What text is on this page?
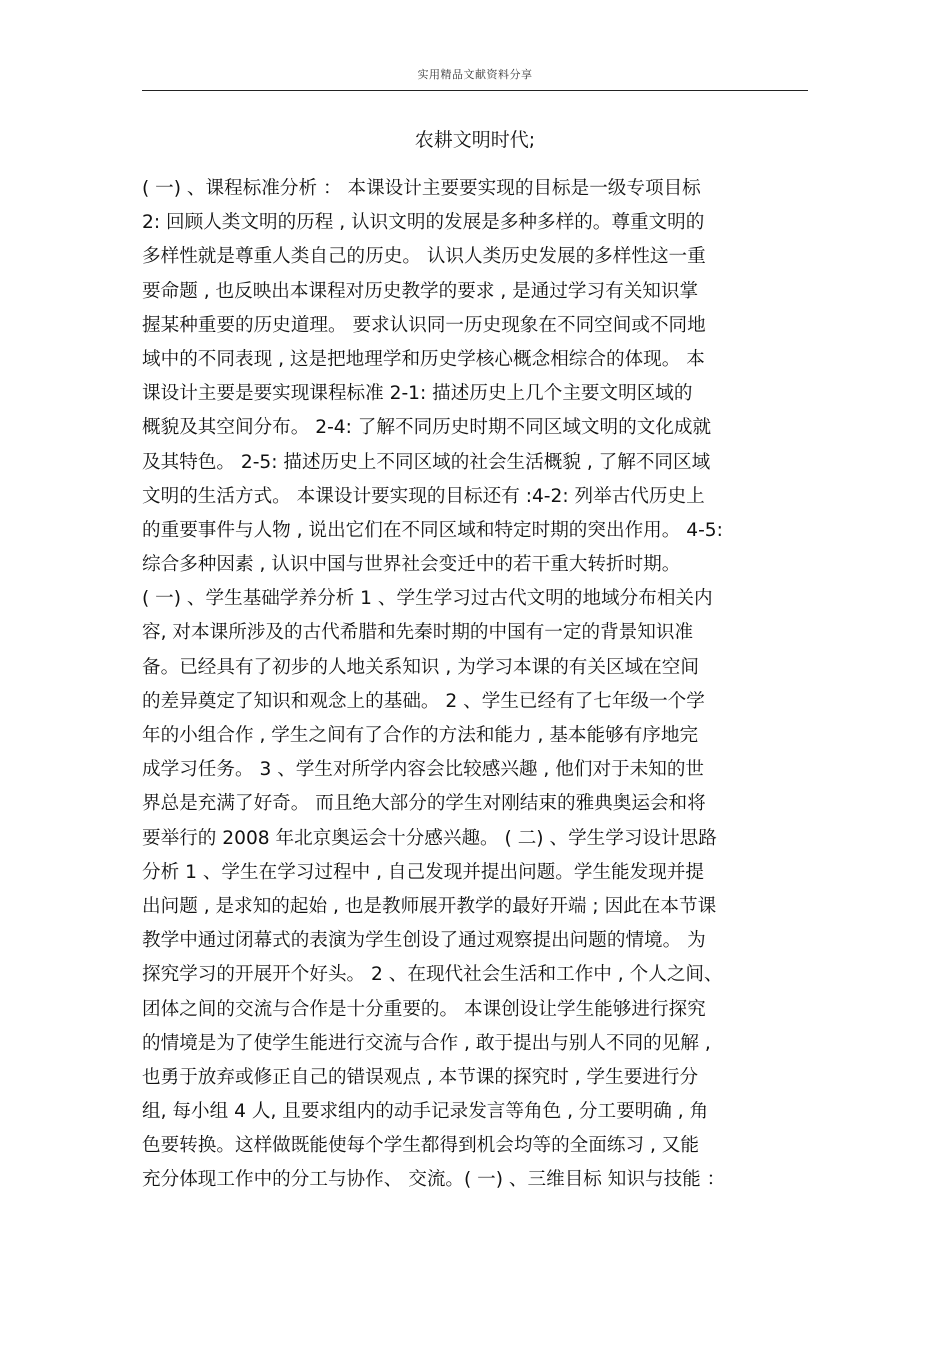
实用精品文献资料分享
农耕文明时代;
( 一) 、课程标准分析 ： 本课设计主要要实现的目标是一级专项目标
2: 回顾人类文明的历程 , 认识文明的发展是多种多样的。尊重文明的
多样性就是尊重人类自己的历史。 认识人类历史发展的多样性这一重
要命题 , 也反映出本课程对历史教学的要求 , 是通过学习有关知识掌
握某种重要的历史道理。 要求认识同一历史现象在不同空间或不同地
域中的不同表现 , 这是把地理学和历史学核心概念相综合的体现。 本
课设计主要是要实现课程标准 2-1: 描述历史上几个主要文明区域的
概貌及其空间分布。 2-4: 了解不同历史时期不同区域文明的文化成就
及其特色。 2-5: 描述历史上不同区域的社会生活概貌 , 了解不同区域
文明的生活方式。 本课设计要实现的目标还有 :4-2: 列举古代历史上
的重要事件与人物 , 说出它们在不同区域和特定时期的突出作用。 4-5:
综合多种因素 , 认识中国与世界社会变迁中的若干重大转折时期。
( 一) 、学生基础学养分析 1 、学生学习过古代文明的地域分布相关内
容, 对本课所涉及的古代希腊和先秦时期的中国有一定的背景知识准
备。已经具有了初步的人地关系知识 , 为学习本课的有关区域在空间
的差异奠定了知识和观念上的基础。 2 、学生已经有了七年级一个学
年的小组合作 , 学生之间有了合作的方法和能力 , 基本能够有序地完
成学习任务。 3 、学生对所学内容会比较感兴趣 , 他们对于未知的世
界总是充满了好奇。 而且绝大部分的学生对刚结束的雅典奥运会和将
要举行的 2008 年北京奥运会十分感兴趣。 ( 二) 、学生学习设计思路
分析 1 、学生在学习过程中 , 自己发现并提出问题。学生能发现并提
出问题 , 是求知的起始 , 也是教师展开教学的最好开端 ; 因此在本节课
教学中通过闭幕式的表演为学生创设了通过观察提出问题的情境。 为
探究学习的开展开个好头。 2 、在现代社会生活和工作中 , 个人之间、
团体之间的交流与合作是十分重要的。 本课创设让学生能够进行探究
的情境是为了使学生能进行交流与合作 , 敢于提出与别人不同的见解 ,
也勇于放弃或修正自己的错误观点 , 本节课的探究时 , 学生要进行分
组, 每小组 4 人, 且要求组内的动手记录发言等角色 , 分工要明确 , 角
色要转换。这样做既能使每个学生都得到机会均等的全面练习 , 又能
充分体现工作中的分工与协作、 交流。( 一) 、三维目标 知识与技能 ：
